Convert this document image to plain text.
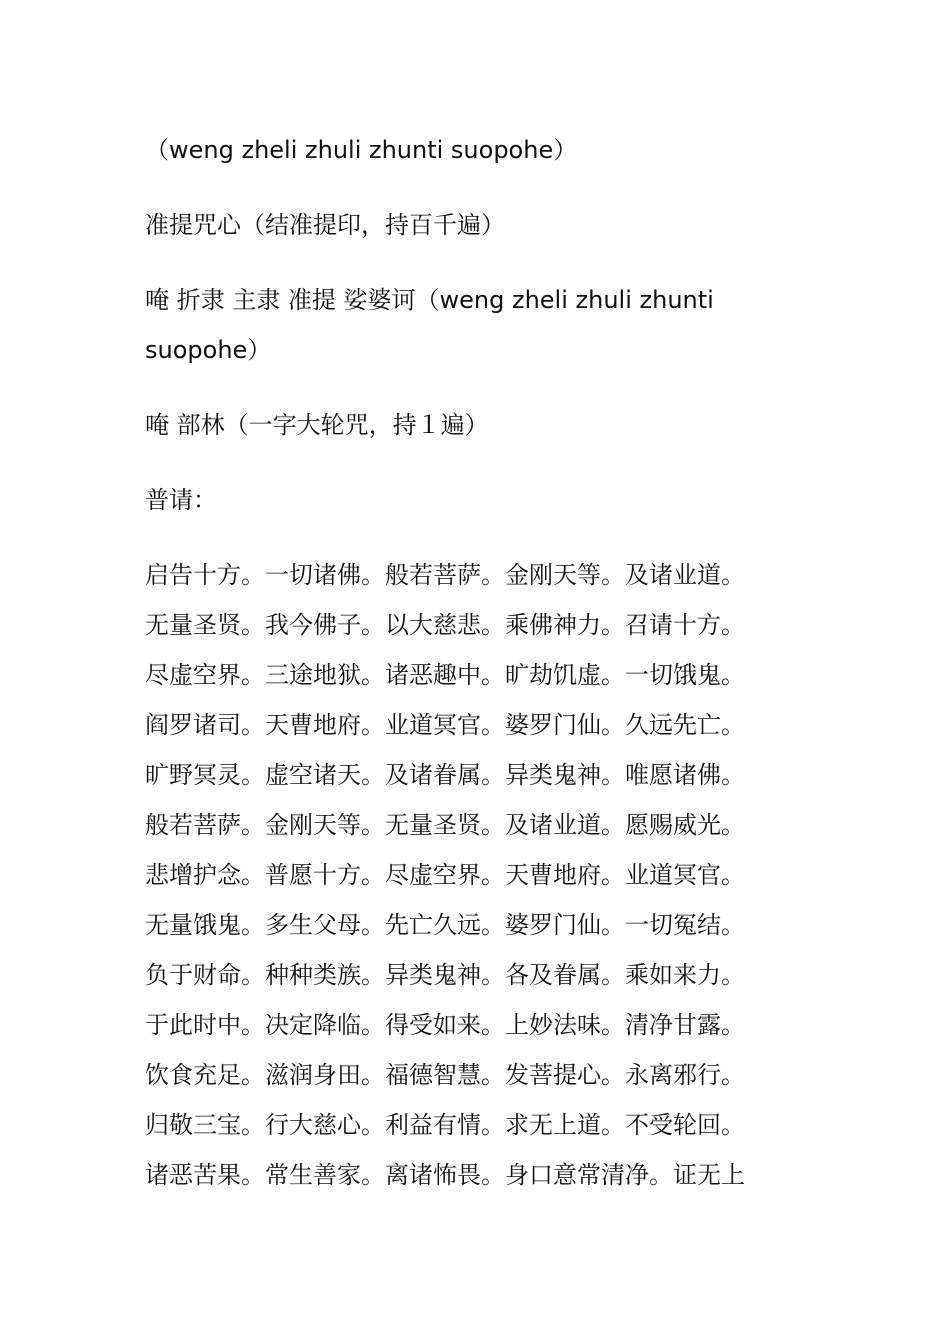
（weng zheli zhuli zhunti suopohe）
准提咒心（结准提印，持百千遍）
唵 折隶 主隶 准提 娑婆诃（weng zheli zhuli zhunti
suopohe）
唵 部林（一字大轮咒，持１遍）
普请：
启告十方。一切诸佛。般若菩萨。金刚天等。及诸业道。
无量圣贤。我今佛子。以大慈悲。乘佛神力。召请十方。
尽虚空界。三途地狱。诸恶趣中。旷劫饥虚。一切饿鬼。
阎罗诸司。天曹地府。业道冥官。婆罗门仙。久远先亡。
旷野冥灵。虚空诸天。及诸眷属。异类鬼神。唯愿诸佛。
般若菩萨。金刚天等。无量圣贤。及诸业道。愿赐威光。
悲增护念。普愿十方。尽虚空界。天曹地府。业道冥官。
无量饿鬼。多生父母。先亡久远。婆罗门仙。一切冤结。
负于财命。种种类族。异类鬼神。各及眷属。乘如来力。
于此时中。决定降临。得受如来。上妙法味。清净甘露。
饮食充足。滋润身田。福德智慧。发菩提心。永离邪行。
归敬三宝。行大慈心。利益有情。求无上道。不受轮回。
诸恶苦果。常生善家。离诸怖畏。身口意常清净。证无上
